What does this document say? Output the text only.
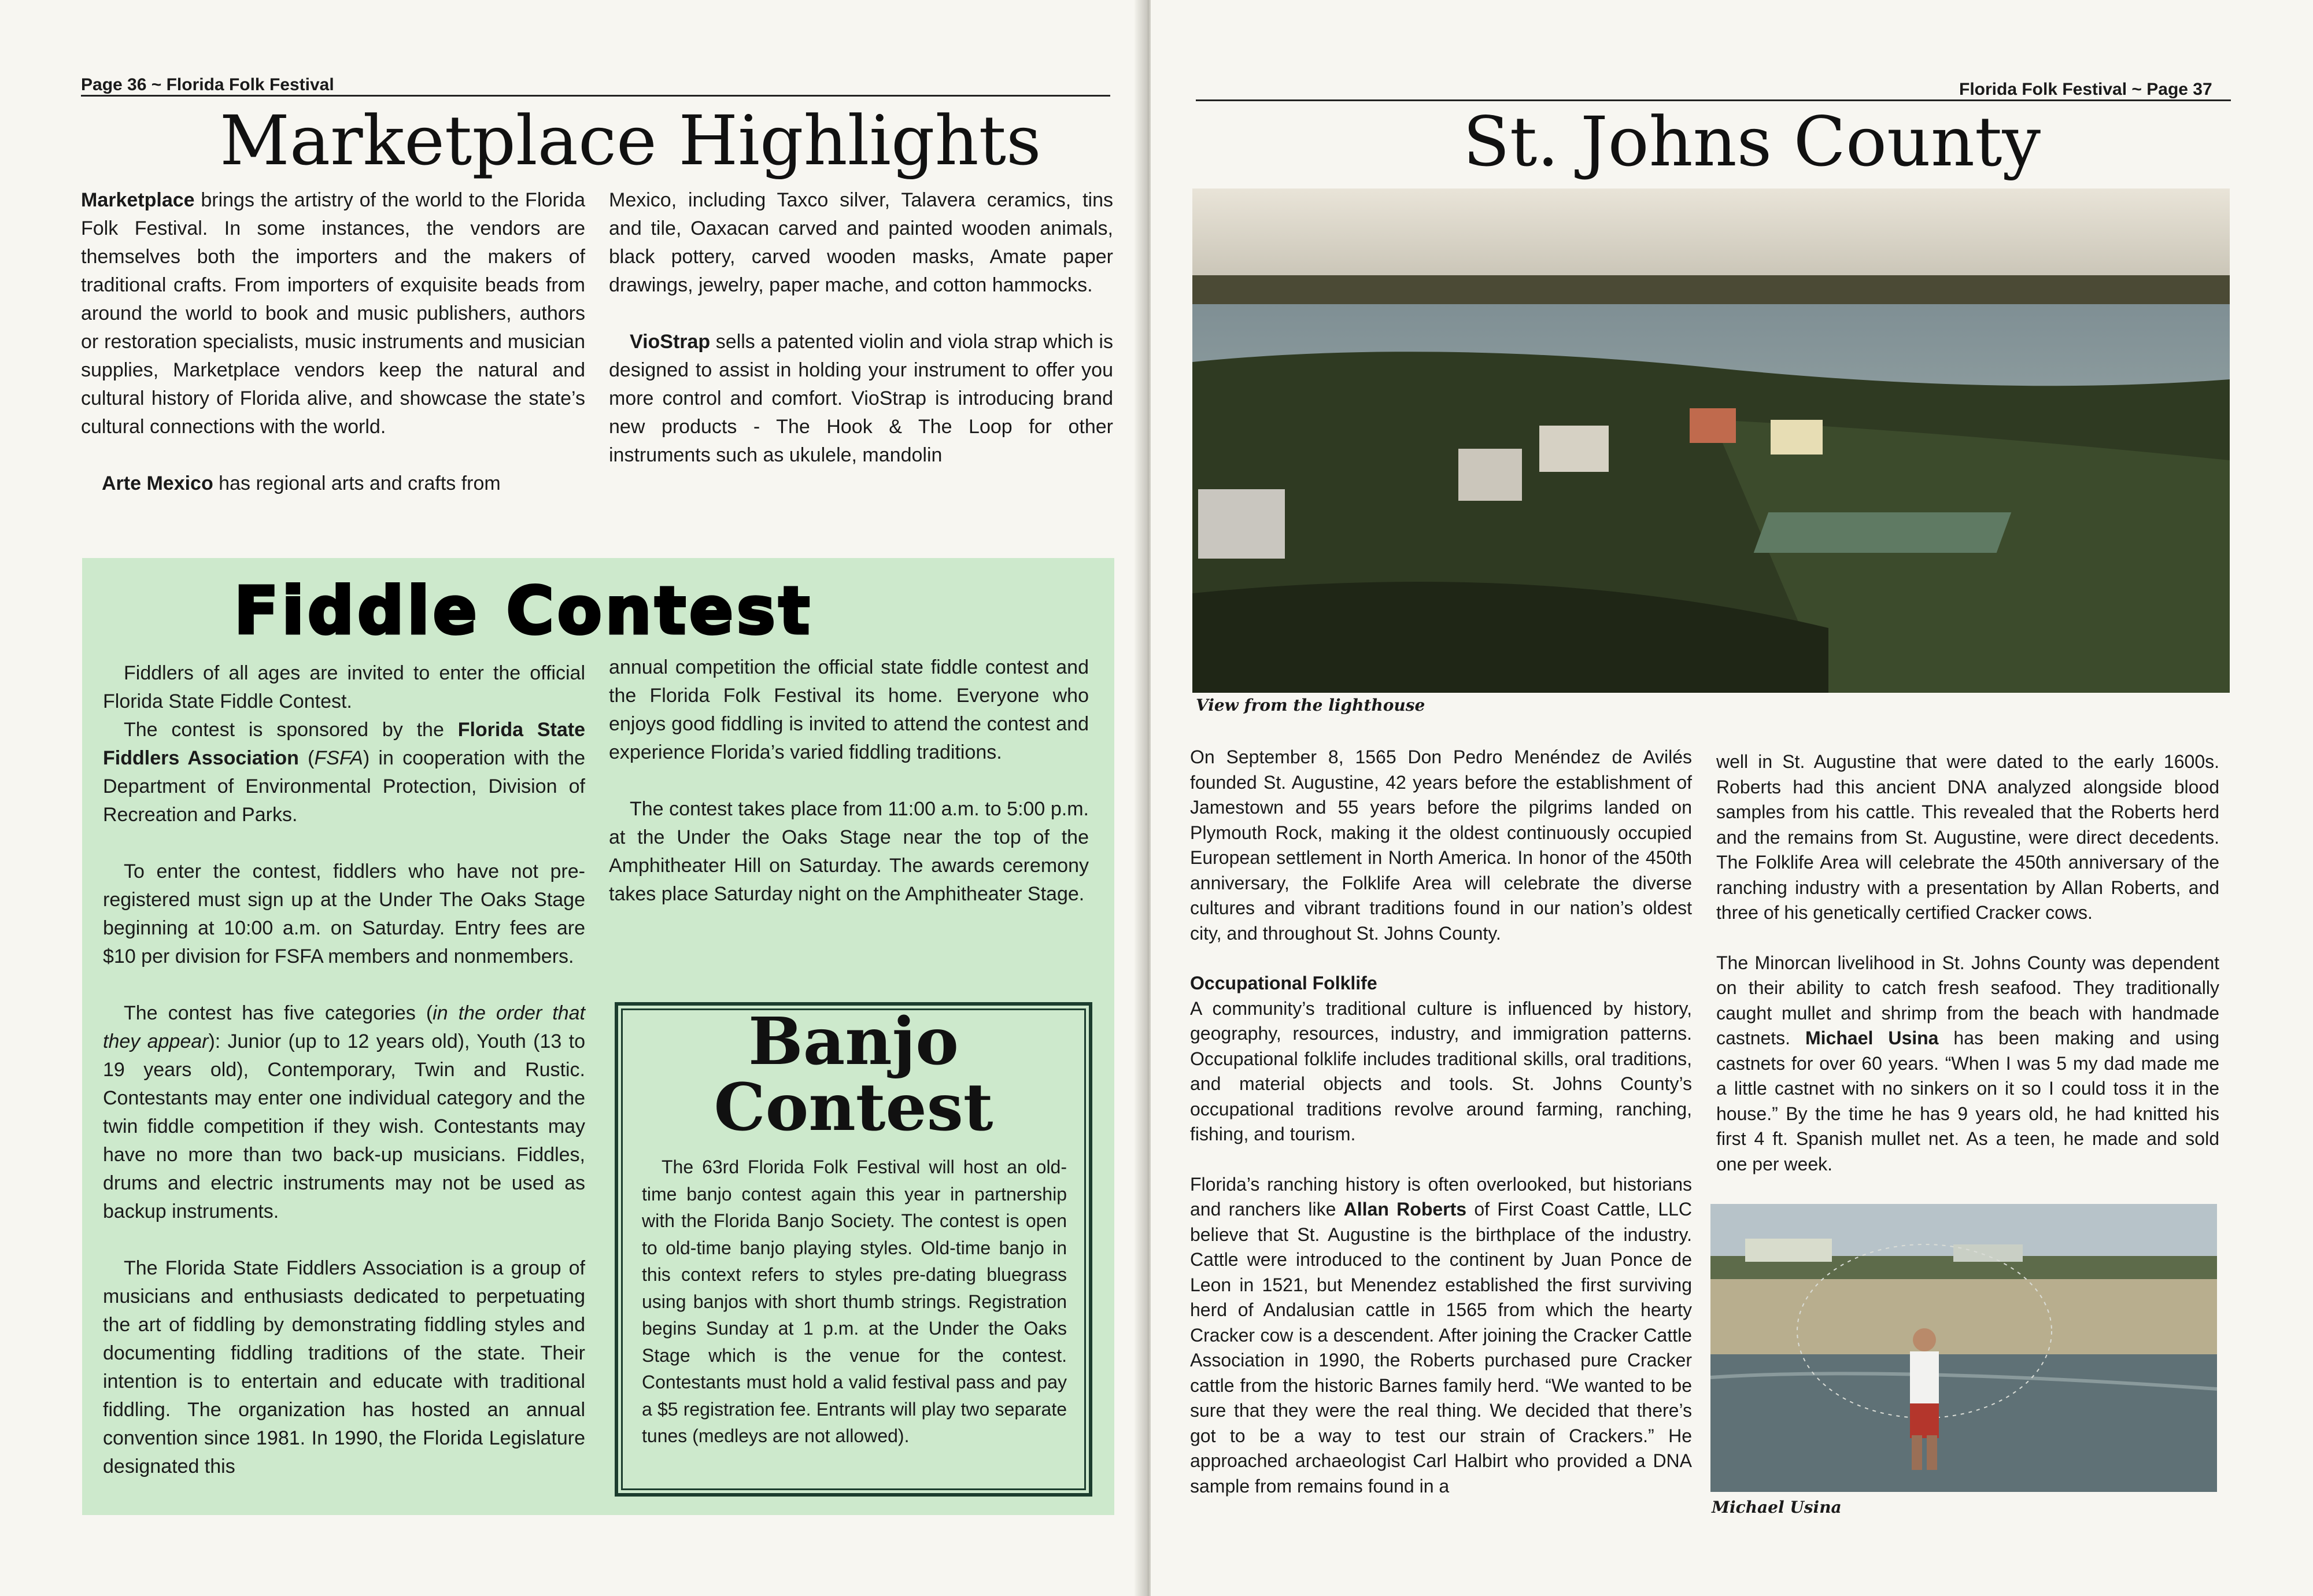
Page 36 ~ Florida Folk Festival
Marketplace Highlights

Marketplace brings the artistry of the world to the Florida Folk Festival. In some instances, the vendors are themselves both the importers and the makers of traditional crafts. From importers of exquisite beads from around the world to book and music publishers, authors or restoration specialists, music instruments and musician supplies, Marketplace vendors keep the natural and cultural history of Florida alive, and showcase the state’s cultural connections with the world.

Arte Mexico has regional arts and crafts from

Mexico, including Taxco silver, Talavera ceramics, tins and tile, Oaxacan carved and painted wooden animals, black pottery, carved wooden masks, Amate paper drawings, jewelry, paper mache, and cotton hammocks.

VioStrap sells a patented violin and viola strap which is designed to assist in holding your instrument to offer you more control and comfort. VioStrap is introducing brand new products - The Hook & The Loop for other instruments such as ukulele, mandolin

Fiddle Contest

Fiddlers of all ages are invited to enter the official Florida State Fiddle Contest.

The contest is sponsored by the Florida State Fiddlers Association (FSFA) in cooperation with the Department of Environmental Protection, Division of Recreation and Parks.

To enter the contest, fiddlers who have not pre-registered must sign up at the Under The Oaks Stage beginning at 10:00 a.m. on Saturday. Entry fees are $10 per division for FSFA members and nonmembers.

The contest has five categories (in the order that they appear): Junior (up to 12 years old), Youth (13 to 19 years old), Contemporary, Twin and Rustic. Contestants may enter one individual category and the twin fiddle competition if they wish. Contestants may have no more than two back-up musicians. Fiddles, drums and electric instruments may not be used as backup instruments.

The Florida State Fiddlers Association is a group of musicians and enthusiasts dedicated to perpetuating the art of fiddling by demonstrating fiddling styles and documenting fiddling traditions of the state. Their intention is to entertain and educate with traditional fiddling. The organization has hosted an annual convention since 1981. In 1990, the Florida Legislature designated this

annual competition the official state fiddle contest and the Florida Folk Festival its home. Everyone who enjoys good fiddling is invited to attend the contest and experience Florida’s varied fiddling traditions.

The contest takes place from 11:00 a.m. to 5:00 p.m. at the Under the Oaks Stage near the top of the Amphitheater Hill on Saturday. The awards ceremony takes place Saturday night on the Amphitheater Stage.

Banjo
Contest
The 63rd Florida Folk Festival will host an old-time banjo contest again this year in partnership with the Florida Banjo Society. The contest is open to old-time banjo playing styles. Old-time banjo in this context refers to styles pre-dating bluegrass using banjos with short thumb strings. Registration begins Sunday at 1 p.m. at the Under the Oaks Stage which is the venue for the contest. Contestants must hold a valid festival pass and pay a $5 registration fee. Entrants will play two separate tunes (medleys are not allowed).
Florida Folk Festival ~ Page 37
St. Johns County
View from the lighthouse

On September 8, 1565 Don Pedro Menéndez de Avilés founded St. Augustine, 42 years before the establishment of Jamestown and 55 years before the pilgrims landed on Plymouth Rock, making it the oldest continuously occupied European settlement in North America. In honor of the 450th anniversary, the Folklife Area will celebrate the diverse cultures and vibrant traditions found in our nation’s oldest city, and throughout St. Johns County.

Occupational Folklife
A community’s traditional culture is influenced by history, geography, resources, industry, and immigration patterns. Occupational folklife includes traditional skills, oral traditions, and material objects and tools. St. Johns County’s occupational traditions revolve around farming, ranching, fishing, and tourism.

Florida’s ranching history is often overlooked, but historians and ranchers like Allan Roberts of First Coast Cattle, LLC believe that St. Augustine is the birthplace of the industry. Cattle were introduced to the continent by Juan Ponce de Leon in 1521, but Menendez established the first surviving herd of Andalusian cattle in 1565 from which the hearty Cracker cow is a descendent. After joining the Cracker Cattle Association in 1990, the Roberts purchased pure Cracker cattle from the historic Barnes family herd. “We wanted to be sure that they were the real thing. We decided that there’s got to be a way to test our strain of Crackers.” He approached archaeologist Carl Halbirt who provided a DNA sample from remains found in a

well in St. Augustine that were dated to the early 1600s. Roberts had this ancient DNA analyzed alongside blood samples from his cattle. This revealed that the Roberts herd and the remains from St. Augustine, were direct decedents. The Folklife Area will celebrate the 450th anniversary of the ranching industry with a presentation by Allan Roberts, and three of his genetically certified Cracker cows.

The Minorcan livelihood in St. Johns County was dependent on their ability to catch fresh seafood. They traditionally caught mullet and shrimp from the beach with handmade castnets. Michael Usina has been making and using castnets for over 60 years. “When I was 5 my dad made me a little castnet with no sinkers on it so I could toss it in the house.” By the time he has 9 years old, he had knitted his first 4 ft. Spanish mullet net. As a teen, he made and sold one per week.

Michael Usina
